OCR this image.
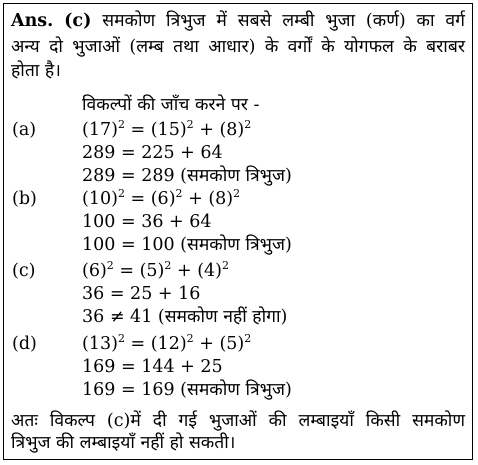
Ans. (c) समकोण त्रिभुज में सबसे लम्बी भुजा (कर्ण) का वर्ग
अन्य दो भुजाओं (लम्ब तथा आधार) के वर्गों के योगफल के बराबर
होता है।
विकल्पों की जाँच करने पर -
(a)	$(17)^2 = (15)^2 + (8)^2$
289 = 225 + 64
289 = 289 (समकोण त्रिभुज)
(b)	$(10)^2 = (6)^2 + (8)^2$
100 = 36 + 64
100 = 100 (समकोण त्रिभुज)
(c)	$(6)^2 = (5)^2 + (4)^2$
36 = 25 + 16
36 ≠ 41 (समकोण नहीं होगा)
(d)	$(13)^2 = (12)^2 + (5)^2$
169 = 144 + 25
169 = 169 (समकोण त्रिभुज)
अतः विकल्प (c)में दी गई भुजाओं की लम्बाइयाँ किसी समकोण
त्रिभुज की लम्बाइयाँ नहीं हो सकती।
